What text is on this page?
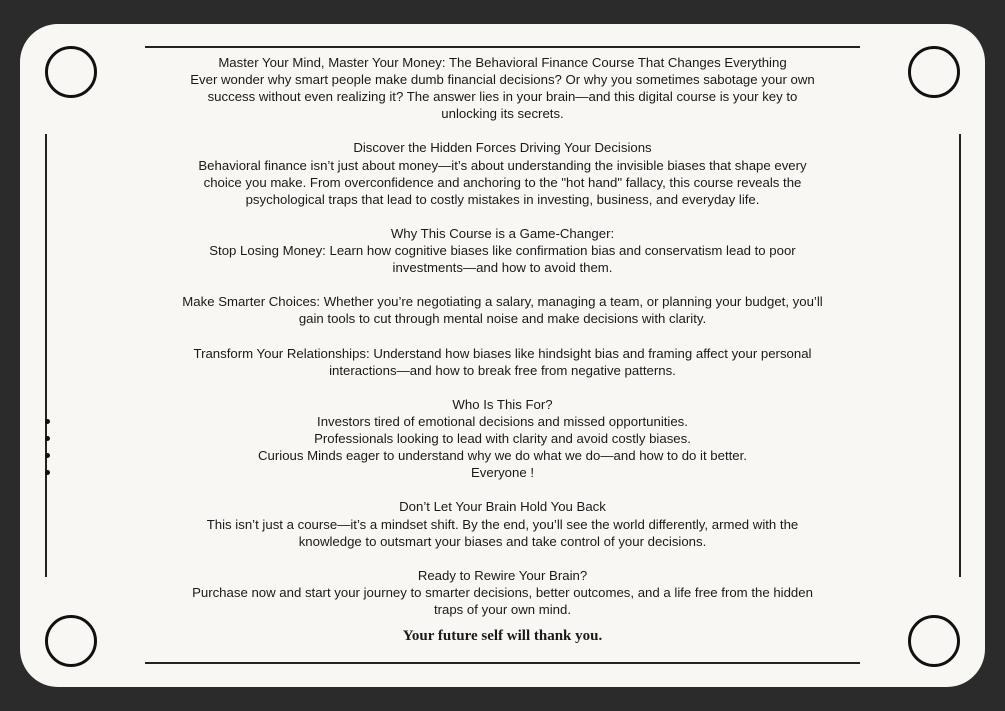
Master Your Mind, Master Your Money: The Behavioral Finance Course That Changes Everything

Ever wonder why smart people make dumb financial decisions? Or why you sometimes sabotage your own success without even realizing it? The answer lies in your brain—and this digital course is your key to unlocking its secrets.

Discover the Hidden Forces Driving Your Decisions

Behavioral finance isn’t just about money—it’s about understanding the invisible biases that shape every choice you make. From overconfidence and anchoring to the "hot hand" fallacy, this course reveals the psychological traps that lead to costly mistakes in investing, business, and everyday life.

Why This Course is a Game-Changer:

Stop Losing Money: Learn how cognitive biases like confirmation bias and conservatism lead to poor investments—and how to avoid them.

Make Smarter Choices: Whether you’re negotiating a salary, managing a team, or planning your budget, you’ll gain tools to cut through mental noise and make decisions with clarity.

Transform Your Relationships: Understand how biases like hindsight bias and framing affect your personal interactions—and how to break free from negative patterns.

Who Is This For?

Investors tired of emotional decisions and missed opportunities.
Professionals looking to lead with clarity and avoid costly biases.
Curious Minds eager to understand why we do what we do—and how to do it better.
Everyone !

Don’t Let Your Brain Hold You Back

This isn’t just a course—it’s a mindset shift. By the end, you’ll see the world differently, armed with the knowledge to outsmart your biases and take control of your decisions.

Ready to Rewire Your Brain?

Purchase now and start your journey to smarter decisions, better outcomes, and a life free from the hidden traps of your own mind.

Your future self will thank you.
